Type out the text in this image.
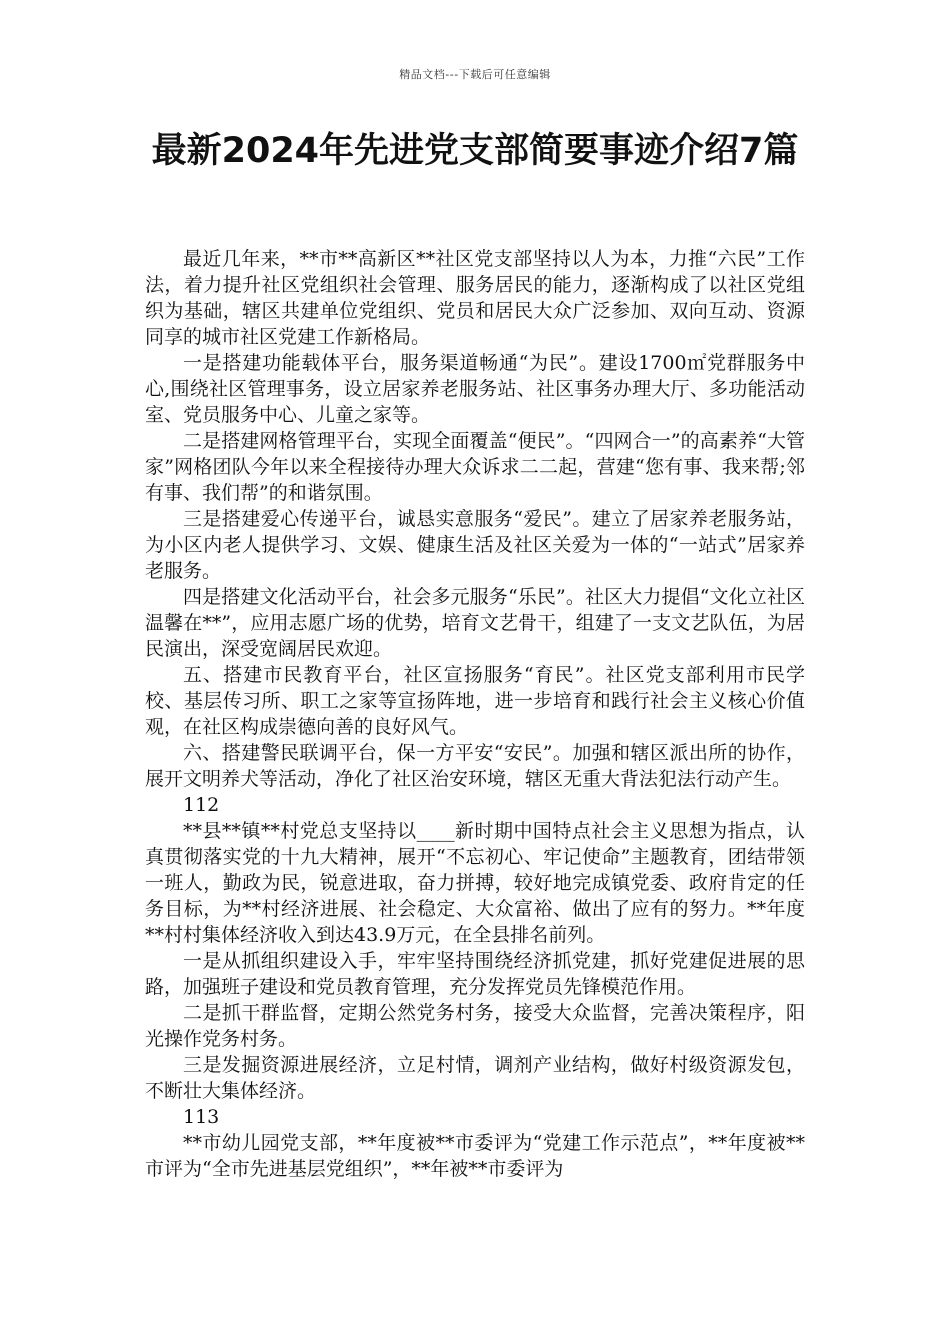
精品文档---下载后可任意编辑
最新2024年先进党支部简要事迹介绍7篇

最近几年来，**市**高新区**社区党支部坚持以人为本，力推“六民”工作法，着力提升社区党组织社会管理、服务居民的能力，逐渐构成了以社区党组织为基础，辖区共建单位党组织、党员和居民大众广泛参加、双向互动、资源同享的城市社区党建工作新格局。

一是搭建功能载体平台，服务渠道畅通“为民”。建设1700㎡党群服务中心,围绕社区管理事务，设立居家养老服务站、社区事务办理大厅、多功能活动室、党员服务中心、儿童之家等。

二是搭建网格管理平台，实现全面覆盖“便民”。“四网合一”的高素养“大管家”网格团队今年以来全程接待办理大众诉求二二起，营建“您有事、我来帮;邻有事、我们帮”的和谐氛围。

三是搭建爱心传递平台，诚恳实意服务“爱民”。建立了居家养老服务站，为小区内老人提供学习、文娱、健康生活及社区关爱为一体的“一站式”居家养老服务。

四是搭建文化活动平台，社会多元服务“乐民”。社区大力提倡“文化立社区温馨在**”，应用志愿广场的优势，培育文艺骨干，组建了一支文艺队伍，为居民演出，深受宽阔居民欢迎。

五、搭建市民教育平台，社区宣扬服务“育民”。社区党支部利用市民学校、基层传习所、职工之家等宣扬阵地，进一步培育和践行社会主义核心价值观，在社区构成崇德向善的良好风气。

六、搭建警民联调平台，保一方平安“安民”。加强和辖区派出所的协作，展开文明养犬等活动，净化了社区治安环境，辖区无重大背法犯法行动产生。

112

**县**镇**村党总支坚持以____新时期中国特点社会主义思想为指点，认真贯彻落实党的十九大精神，展开“不忘初心、牢记使命”主题教育，团结带领一班人，勤政为民，锐意进取，奋力拼搏，较好地完成镇党委、政府肯定的任务目标，为**村经济进展、社会稳定、大众富裕、做出了应有的努力。**年度**村村集体经济收入到达43.9万元，在全县排名前列。

一是从抓组织建设入手，牢牢坚持围绕经济抓党建，抓好党建促进展的思路，加强班子建设和党员教育管理，充分发挥党员先锋模范作用。

二是抓干群监督，定期公然党务村务，接受大众监督，完善决策程序，阳光操作党务村务。

三是发掘资源进展经济，立足村情，调剂产业结构，做好村级资源发包，不断壮大集体经济。

113

**市幼儿园党支部，**年度被**市委评为“党建工作示范点”，**年度被**市评为“全市先进基层党组织”，**年被**市委评为
